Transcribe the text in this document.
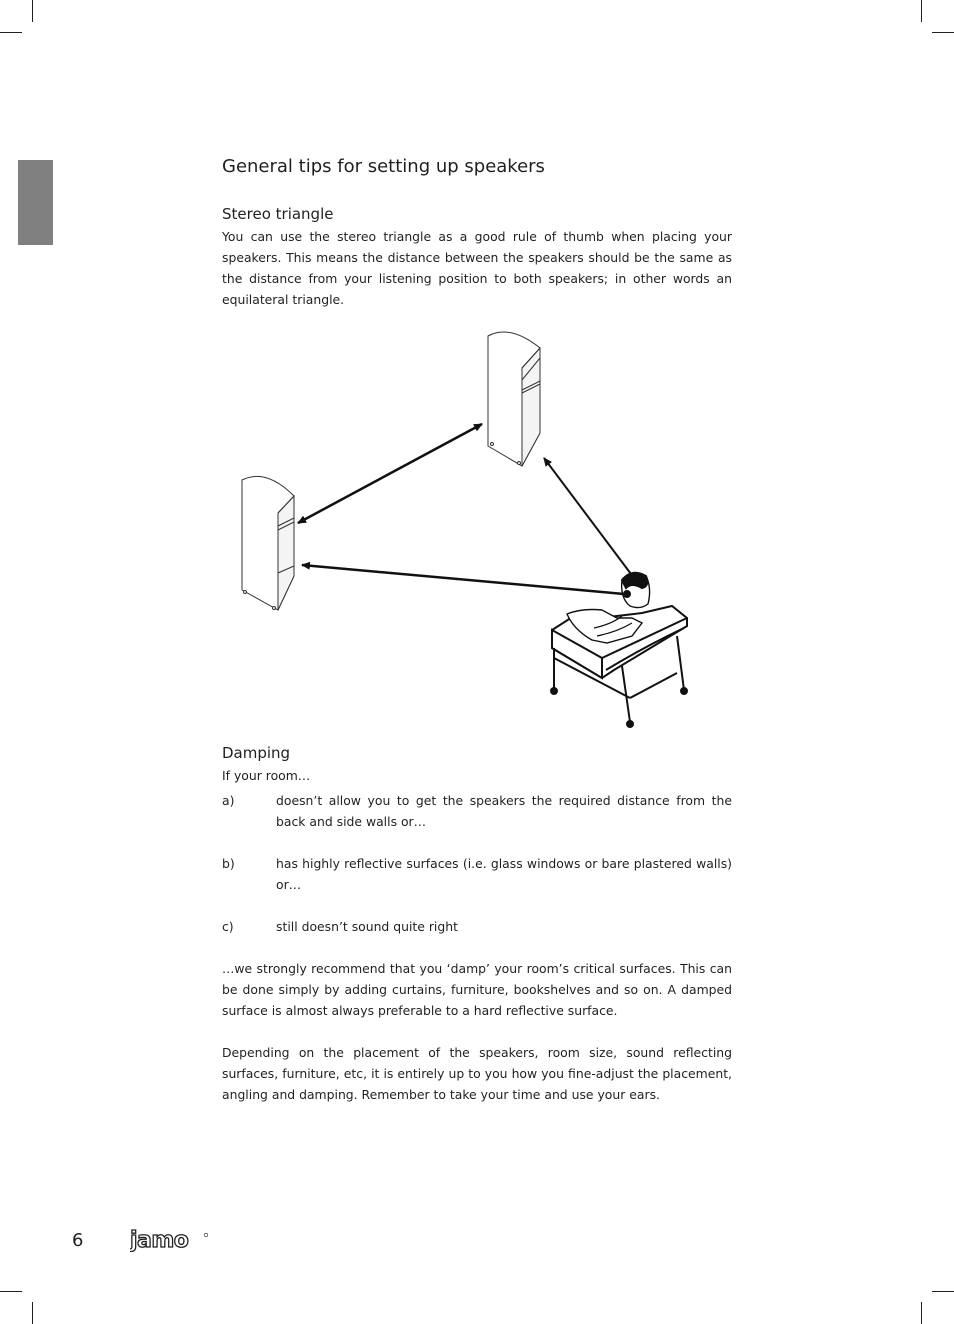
General tips for setting up speakers
Stereo triangle

You can use the stereo triangle as a good rule of thumb when placing your speakers. This means the distance between the speakers should be the same as the distance from your listening position to both speakers; in other words an equilateral triangle.

Damping

If your room…

a)	doesn’t allow you to get the speakers the required distance from the back and side walls or…
b)	has highly reflective surfaces (i.e. glass windows or bare plastered walls) or…
c)	still doesn’t sound quite right

…we strongly recommend that you ‘damp’ your room’s critical surfaces. This can be done simply by adding curtains, furniture, bookshelves and so on. A damped surface is almost always preferable to a hard reflective surface.

Depending on the placement of the speakers, room size, sound reflecting surfaces, furniture, etc, it is entirely up to you how you fine-adjust the placement, angling and damping. Remember to take your time and use your ears.

6 jamo
